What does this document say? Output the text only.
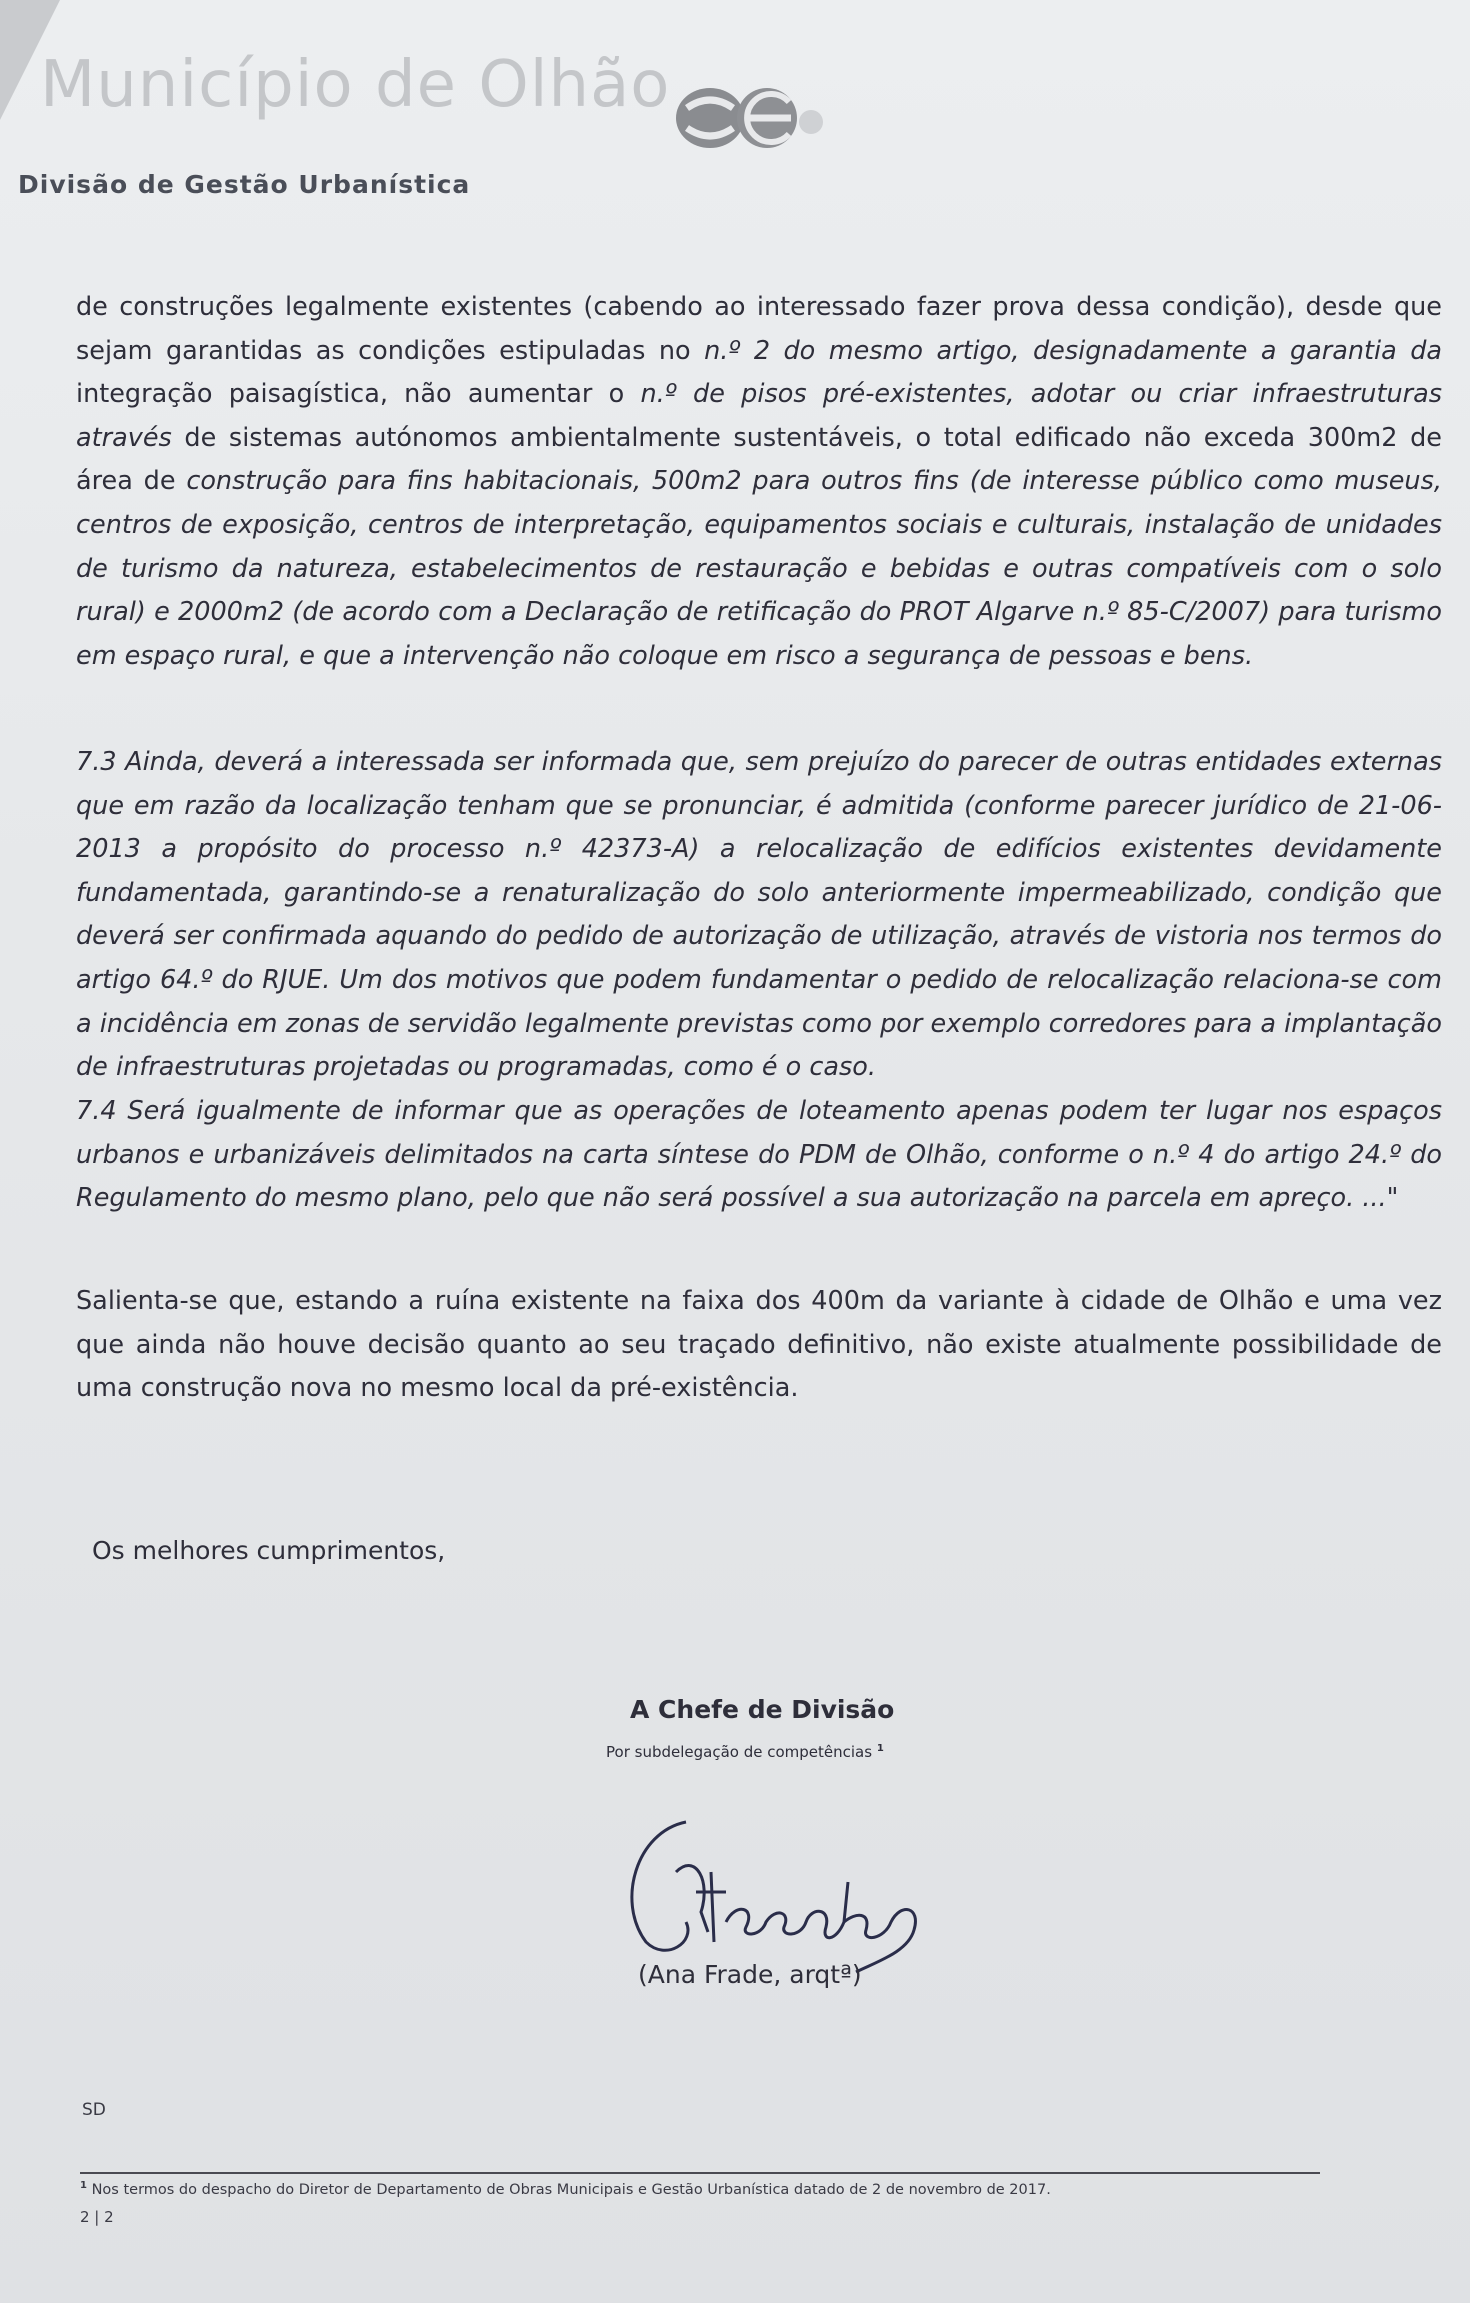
Município de Olhão
Divisão de Gestão Urbanística

de construções legalmente existentes (cabendo ao interessado fazer prova dessa condição), desde que sejam garantidas as condições estipuladas no n.º 2 do mesmo artigo, designadamente a garantia da integração paisagística, não aumentar o n.º de pisos pré-existentes, adotar ou criar infraestruturas através de sistemas autónomos ambientalmente sustentáveis, o total edificado não exceda 300m2 de área de construção para fins habitacionais, 500m2 para outros fins (de interesse público como museus, centros de exposição, centros de interpretação, equipamentos sociais e culturais, instalação de unidades de turismo da natureza, estabelecimentos de restauração e bebidas e outras compatíveis com o solo rural) e 2000m2 (de acordo com a Declaração de retificação do PROT Algarve n.º 85-C/2007) para turismo em espaço rural, e que a intervenção não coloque em risco a segurança de pessoas e bens.

7.3 Ainda, deverá a interessada ser informada que, sem prejuízo do parecer de outras entidades externas que em razão da localização tenham que se pronunciar, é admitida (conforme parecer jurídico de 21-06-2013 a propósito do processo n.º 42373-A) a relocalização de edifícios existentes devidamente fundamentada, garantindo-se a renaturalização do solo anteriormente impermeabilizado, condição que deverá ser confirmada aquando do pedido de autorização de utilização, através de vistoria nos termos do artigo 64.º do RJUE. Um dos motivos que podem fundamentar o pedido de relocalização relaciona-se com a incidência em zonas de servidão legalmente previstas como por exemplo corredores para a implantação de infraestruturas projetadas ou programadas, como é o caso.

7.4 Será igualmente de informar que as operações de loteamento apenas podem ter lugar nos espaços urbanos e urbanizáveis delimitados na carta síntese do PDM de Olhão, conforme o n.º 4 do artigo 24.º do Regulamento do mesmo plano, pelo que não será possível a sua autorização na parcela em apreço. ..."

Salienta-se que, estando a ruína existente na faixa dos 400m da variante à cidade de Olhão e uma vez que ainda não houve decisão quanto ao seu traçado definitivo, não existe atualmente possibilidade de uma construção nova no mesmo local da pré-existência.

Os melhores cumprimentos,
A Chefe de Divisão
Por subdelegação de competências $^1$
(Ana Frade, arqtª)
SD
$^1$ Nos termos do despacho do Diretor de Departamento de Obras Municipais e Gestão Urbanística datado de 2 de novembro de 2017.
2 | 2
